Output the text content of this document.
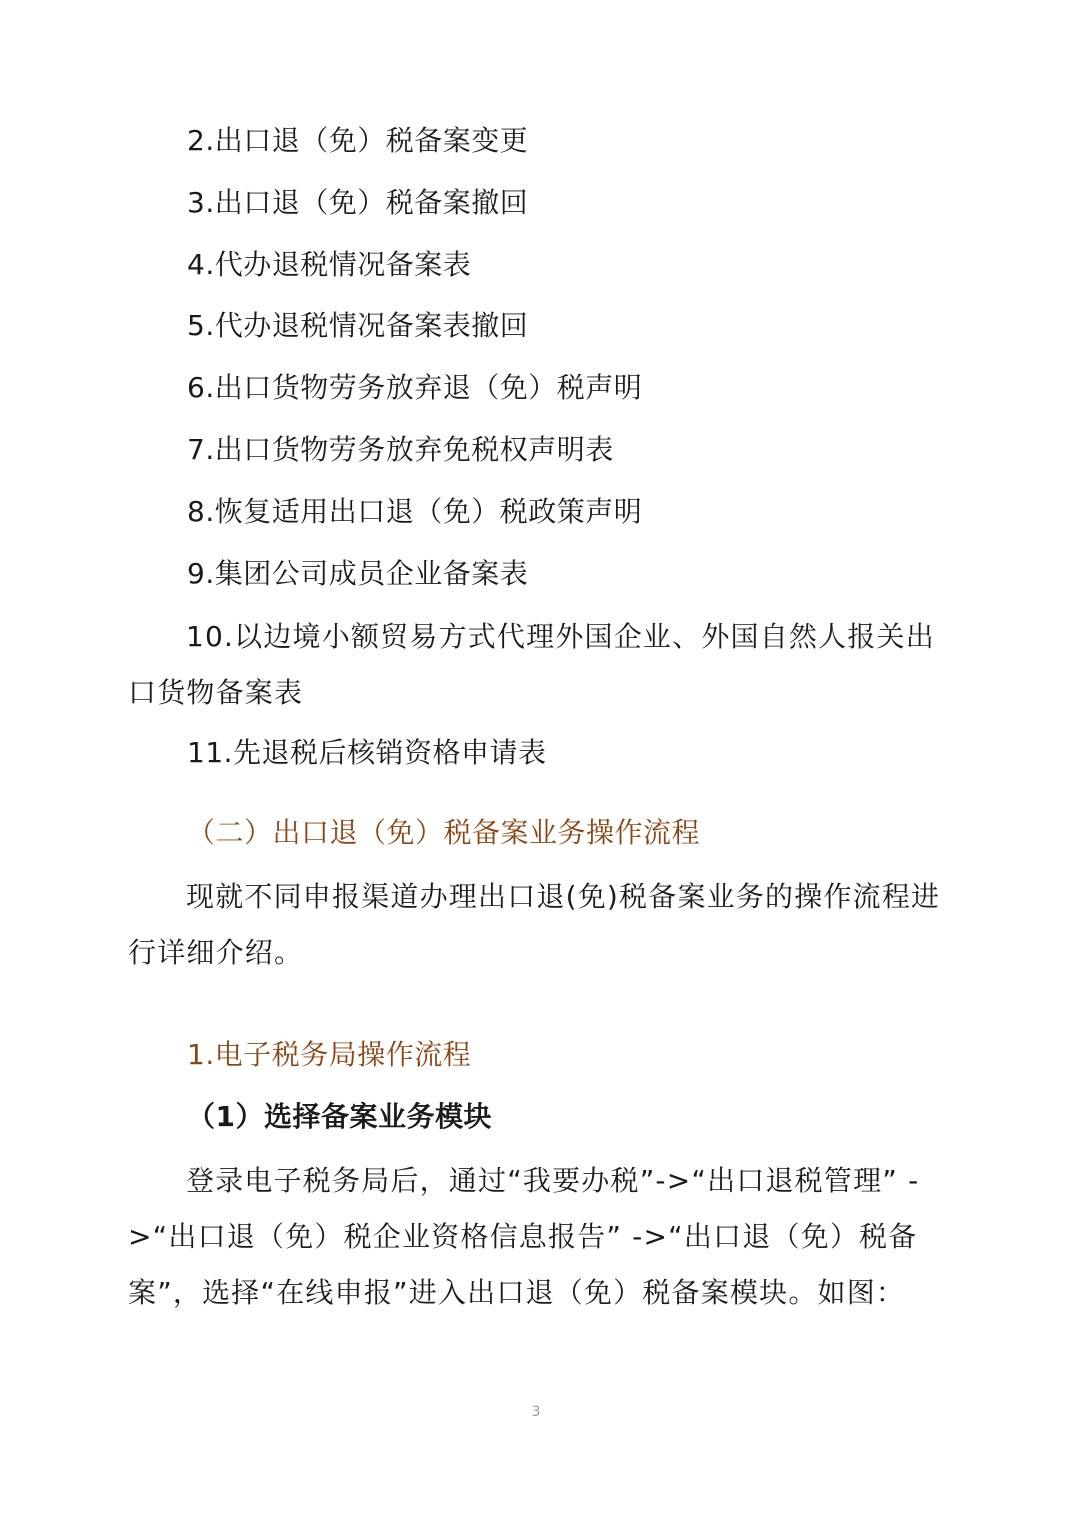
2.出口退（免）税备案变更
3.出口退（免）税备案撤回
4.代办退税情况备案表
5.代办退税情况备案表撤回
6.出口货物劳务放弃退（免）税声明
7.出口货物劳务放弃免税权声明表
8.恢复适用出口退（免）税政策声明
9.集团公司成员企业备案表
10.以边境小额贸易方式代理外国企业、外国自然人报关出口货物备案表
11.先退税后核销资格申请表
（二）出口退（免）税备案业务操作流程
现就不同申报渠道办理出口退(免)税备案业务的操作流程进行详细介绍。
1.电子税务局操作流程
（1）选择备案业务模块
登录电子税务局后，通过“我要办税”->“出口退税管理” ->“出口退（免）税企业资格信息报告” ->“出口退（免）税备案”，选择“在线申报”进入出口退（免）税备案模块。如图：
3
